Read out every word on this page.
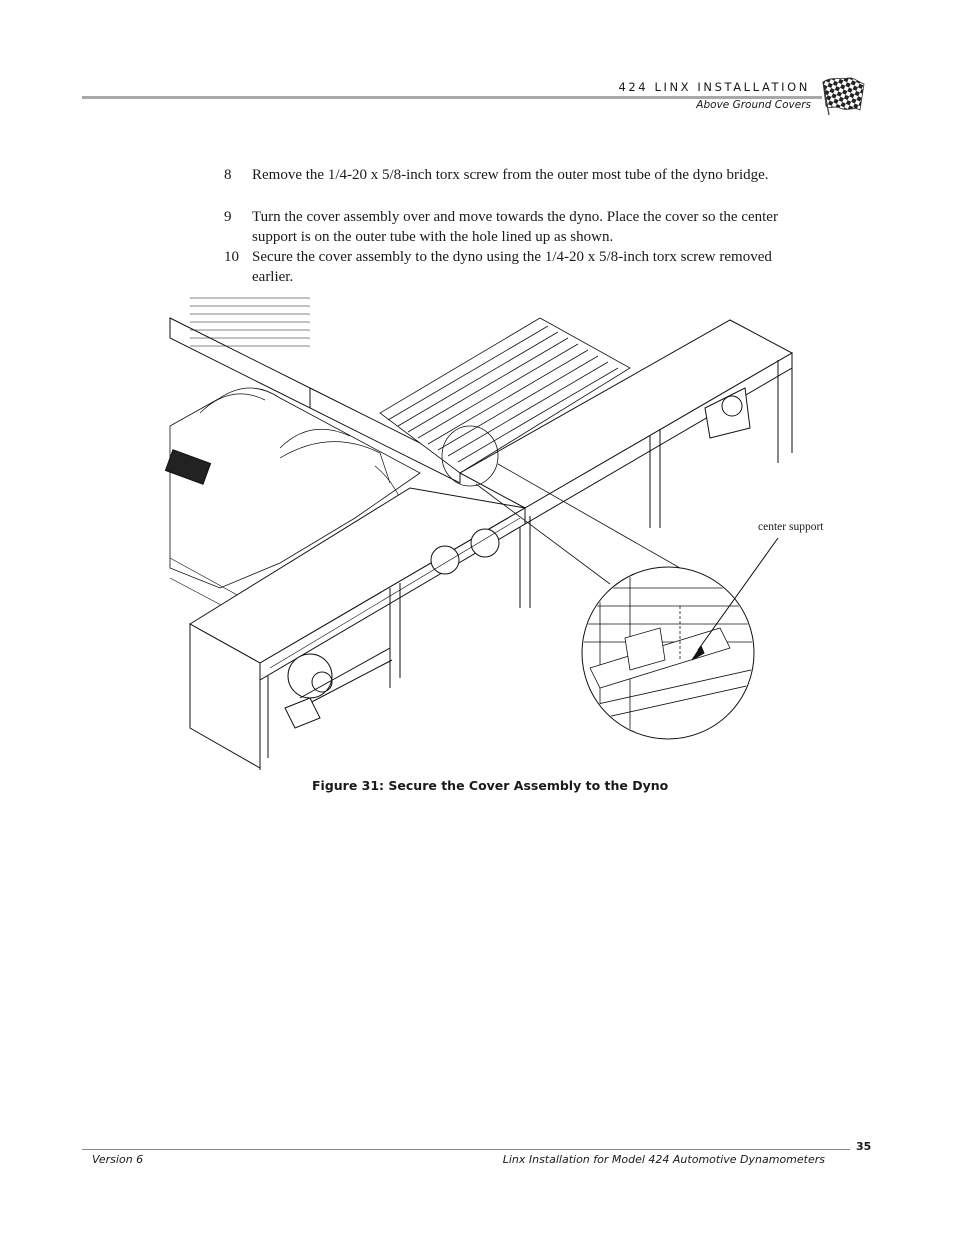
424 LINX INSTALLATION
Above Ground Covers
8 Remove the 1/4-20 x 5/8-inch torx screw from the outer most tube of the dyno bridge.
9 Turn the cover assembly over and move towards the dyno. Place the cover so the center support is on the outer tube with the hole lined up as shown.
10 Secure the cover assembly to the dyno using the 1/4-20 x 5/8-inch torx screw removed earlier.
center support
Figure 31: Secure the Cover Assembly to the Dyno
35
Version 6	Linx Installation for Model 424 Automotive Dynamometers
